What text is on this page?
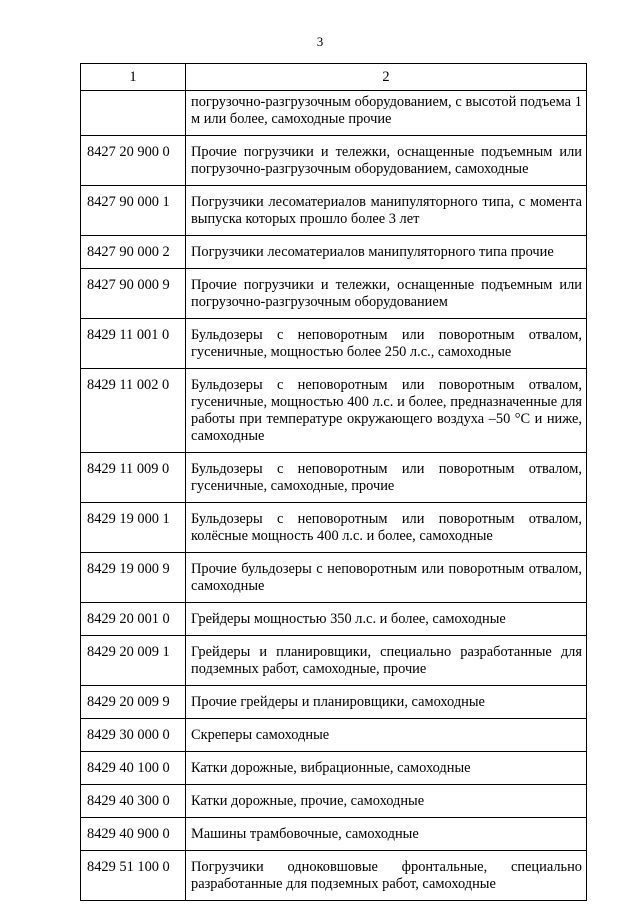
3
1	2
	погрузочно-разгрузочным оборудованием, с высотой подъема 1 м или более, самоходные прочие
8427 20 900 0	Прочие погрузчики и тележки, оснащенные подъемным или погрузочно-разгрузочным оборудованием, самоходные
8427 90 000 1	Погрузчики лесоматериалов манипуляторного типа, с момента выпуска которых прошло более 3 лет
8427 90 000 2	Погрузчики лесоматериалов манипуляторного типа прочие
8427 90 000 9	Прочие погрузчики и тележки, оснащенные подъемным или погрузочно-разгрузочным оборудованием
8429 11 001 0	Бульдозеры с неповоротным или поворотным отвалом, гусеничные, мощностью более 250 л.с., самоходные
8429 11 002 0	Бульдозеры с неповоротным или поворотным отвалом, гусеничные, мощностью 400 л.с. и более, предназначенные для работы при температуре окружающего воздуха –50 °С и ниже, самоходные
8429 11 009 0	Бульдозеры с неповоротным или поворотным отвалом, гусеничные, самоходные, прочие
8429 19 000 1	Бульдозеры с неповоротным или поворотным отвалом, колёсные мощность 400 л.с. и более, самоходные
8429 19 000 9	Прочие бульдозеры с неповоротным или поворотным отвалом, самоходные
8429 20 001 0	Грейдеры мощностью 350 л.с. и более, самоходные
8429 20 009 1	Грейдеры и планировщики, специально разработанные для подземных работ, самоходные, прочие
8429 20 009 9	Прочие грейдеры и планировщики, самоходные
8429 30 000 0	Скреперы самоходные
8429 40 100 0	Катки дорожные, вибрационные, самоходные
8429 40 300 0	Катки дорожные, прочие, самоходные
8429 40 900 0	Машины трамбовочные, самоходные
8429 51 100 0	Погрузчики одноковшовые фронтальные, специально разработанные для подземных работ, самоходные
